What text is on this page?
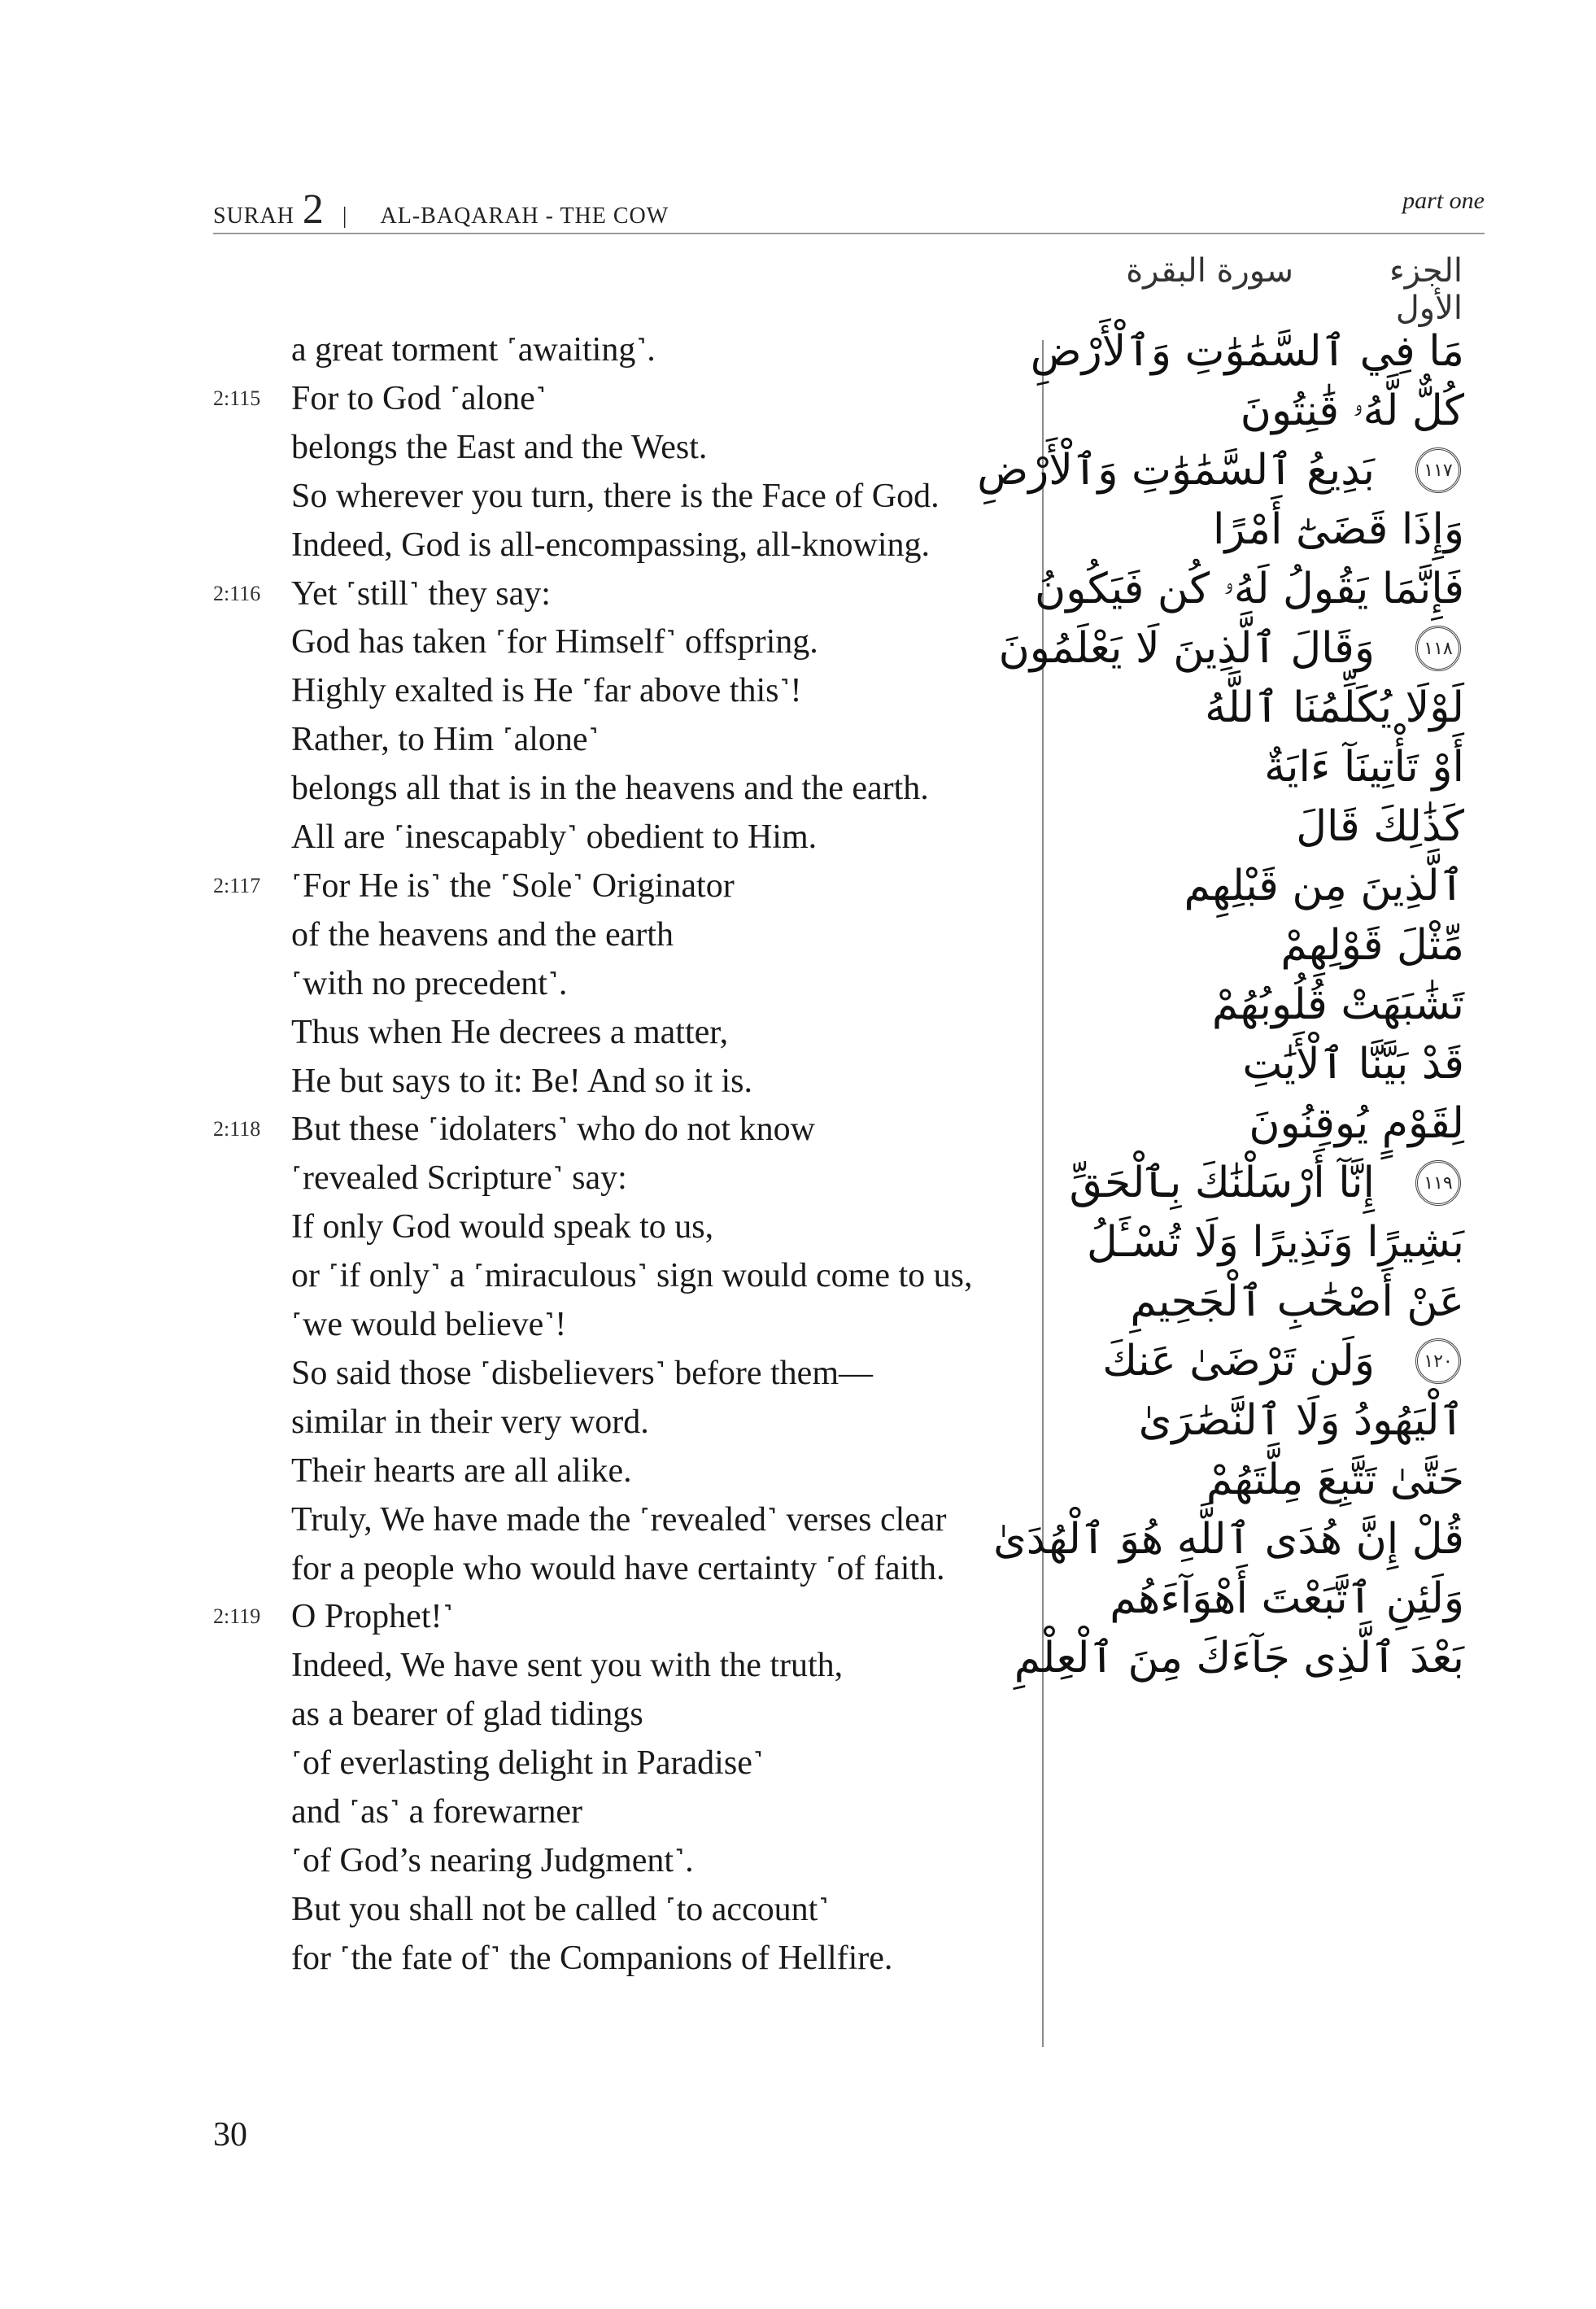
SURAH 2 | AL-BAQARAH - THE COW
part one
الجزء الأول
سورة البقرة
a great torment ˹awaiting˺.
2:115 For to God ˹alone˺
belongs the East and the West.
So wherever you turn, there is the Face of God.
Indeed, God is all-encompassing, all-knowing.
2:116 Yet ˹still˺ they say:
God has taken ˹for Himself˺ offspring.
Highly exalted is He ˹far above this˺!
Rather, to Him ˹alone˺
belongs all that is in the heavens and the earth.
All are ˹inescapably˺ obedient to Him.
2:117 ˹For He is˺ the ˹Sole˺ Originator
of the heavens and the earth
˹with no precedent˺.
Thus when He decrees a matter,
He but says to it: Be! And so it is.
2:118 But these ˹idolaters˺ who do not know
˹revealed Scripture˺ say:
If only God would speak to us,
or ˹if only˺ a ˹miraculous˺ sign would come to us,
˹we would believe˺!
So said those ˹disbelievers˺ before them—
similar in their very word.
Their hearts are all alike.
Truly, We have made the ˹revealed˺ verses clear
for a people who would have certainty ˹of faith.
2:119 O Prophet!˺
Indeed, We have sent you with the truth,
as a bearer of glad tidings
˹of everlasting delight in Paradise˺
and ˹as˺ a forewarner
˹of God’s nearing Judgment˺.
But you shall not be called ˹to account˺
for ˹the fate of˺ the Companions of Hellfire.
مَا فِي ٱلسَّمَٰوَٰتِ وَٱلْأَرْضِ
كُلٌّ لَّهُۥ قَٰنِتُونَ
بَدِيعُ ٱلسَّمَٰوَٰتِ وَٱلْأَرْضِ
وَإِذَا قَضَىٰٓ أَمْرًا
فَإِنَّمَا يَقُولُ لَهُۥ كُن فَيَكُونُ
وَقَالَ ٱلَّذِينَ لَا يَعْلَمُونَ
لَوْلَا يُكَلِّمُنَا ٱللَّهُ
أَوْ تَأْتِينَآ ءَايَةٌ
كَذَٰلِكَ قَالَ
ٱلَّذِينَ مِن قَبْلِهِم
مِّثْلَ قَوْلِهِمْ
تَشَٰبَهَتْ قُلُوبُهُمْ
قَدْ بَيَّنَّا ٱلْأَيَٰتِ
لِقَوْمٍ يُوقِنُونَ
إِنَّآ أَرْسَلْنَٰكَ بِٱلْحَقِّ
بَشِيرًا وَنَذِيرًا وَلَا تُسْـَٔلُ
عَنْ أَصْحَٰبِ ٱلْجَحِيمِ
وَلَن تَرْضَىٰ عَنكَ
ٱلْيَهُودُ وَلَا ٱلنَّصَٰرَىٰ
حَتَّىٰ تَتَّبِعَ مِلَّتَهُمْ
قُلْ إِنَّ هُدَى ٱللَّهِ هُوَ ٱلْهُدَىٰ
وَلَئِنِ ٱتَّبَعْتَ أَهْوَآءَهُم
بَعْدَ ٱلَّذِى جَآءَكَ مِنَ ٱلْعِلْمِ
30
١١٧
١١٨
١١٩
١٢٠
